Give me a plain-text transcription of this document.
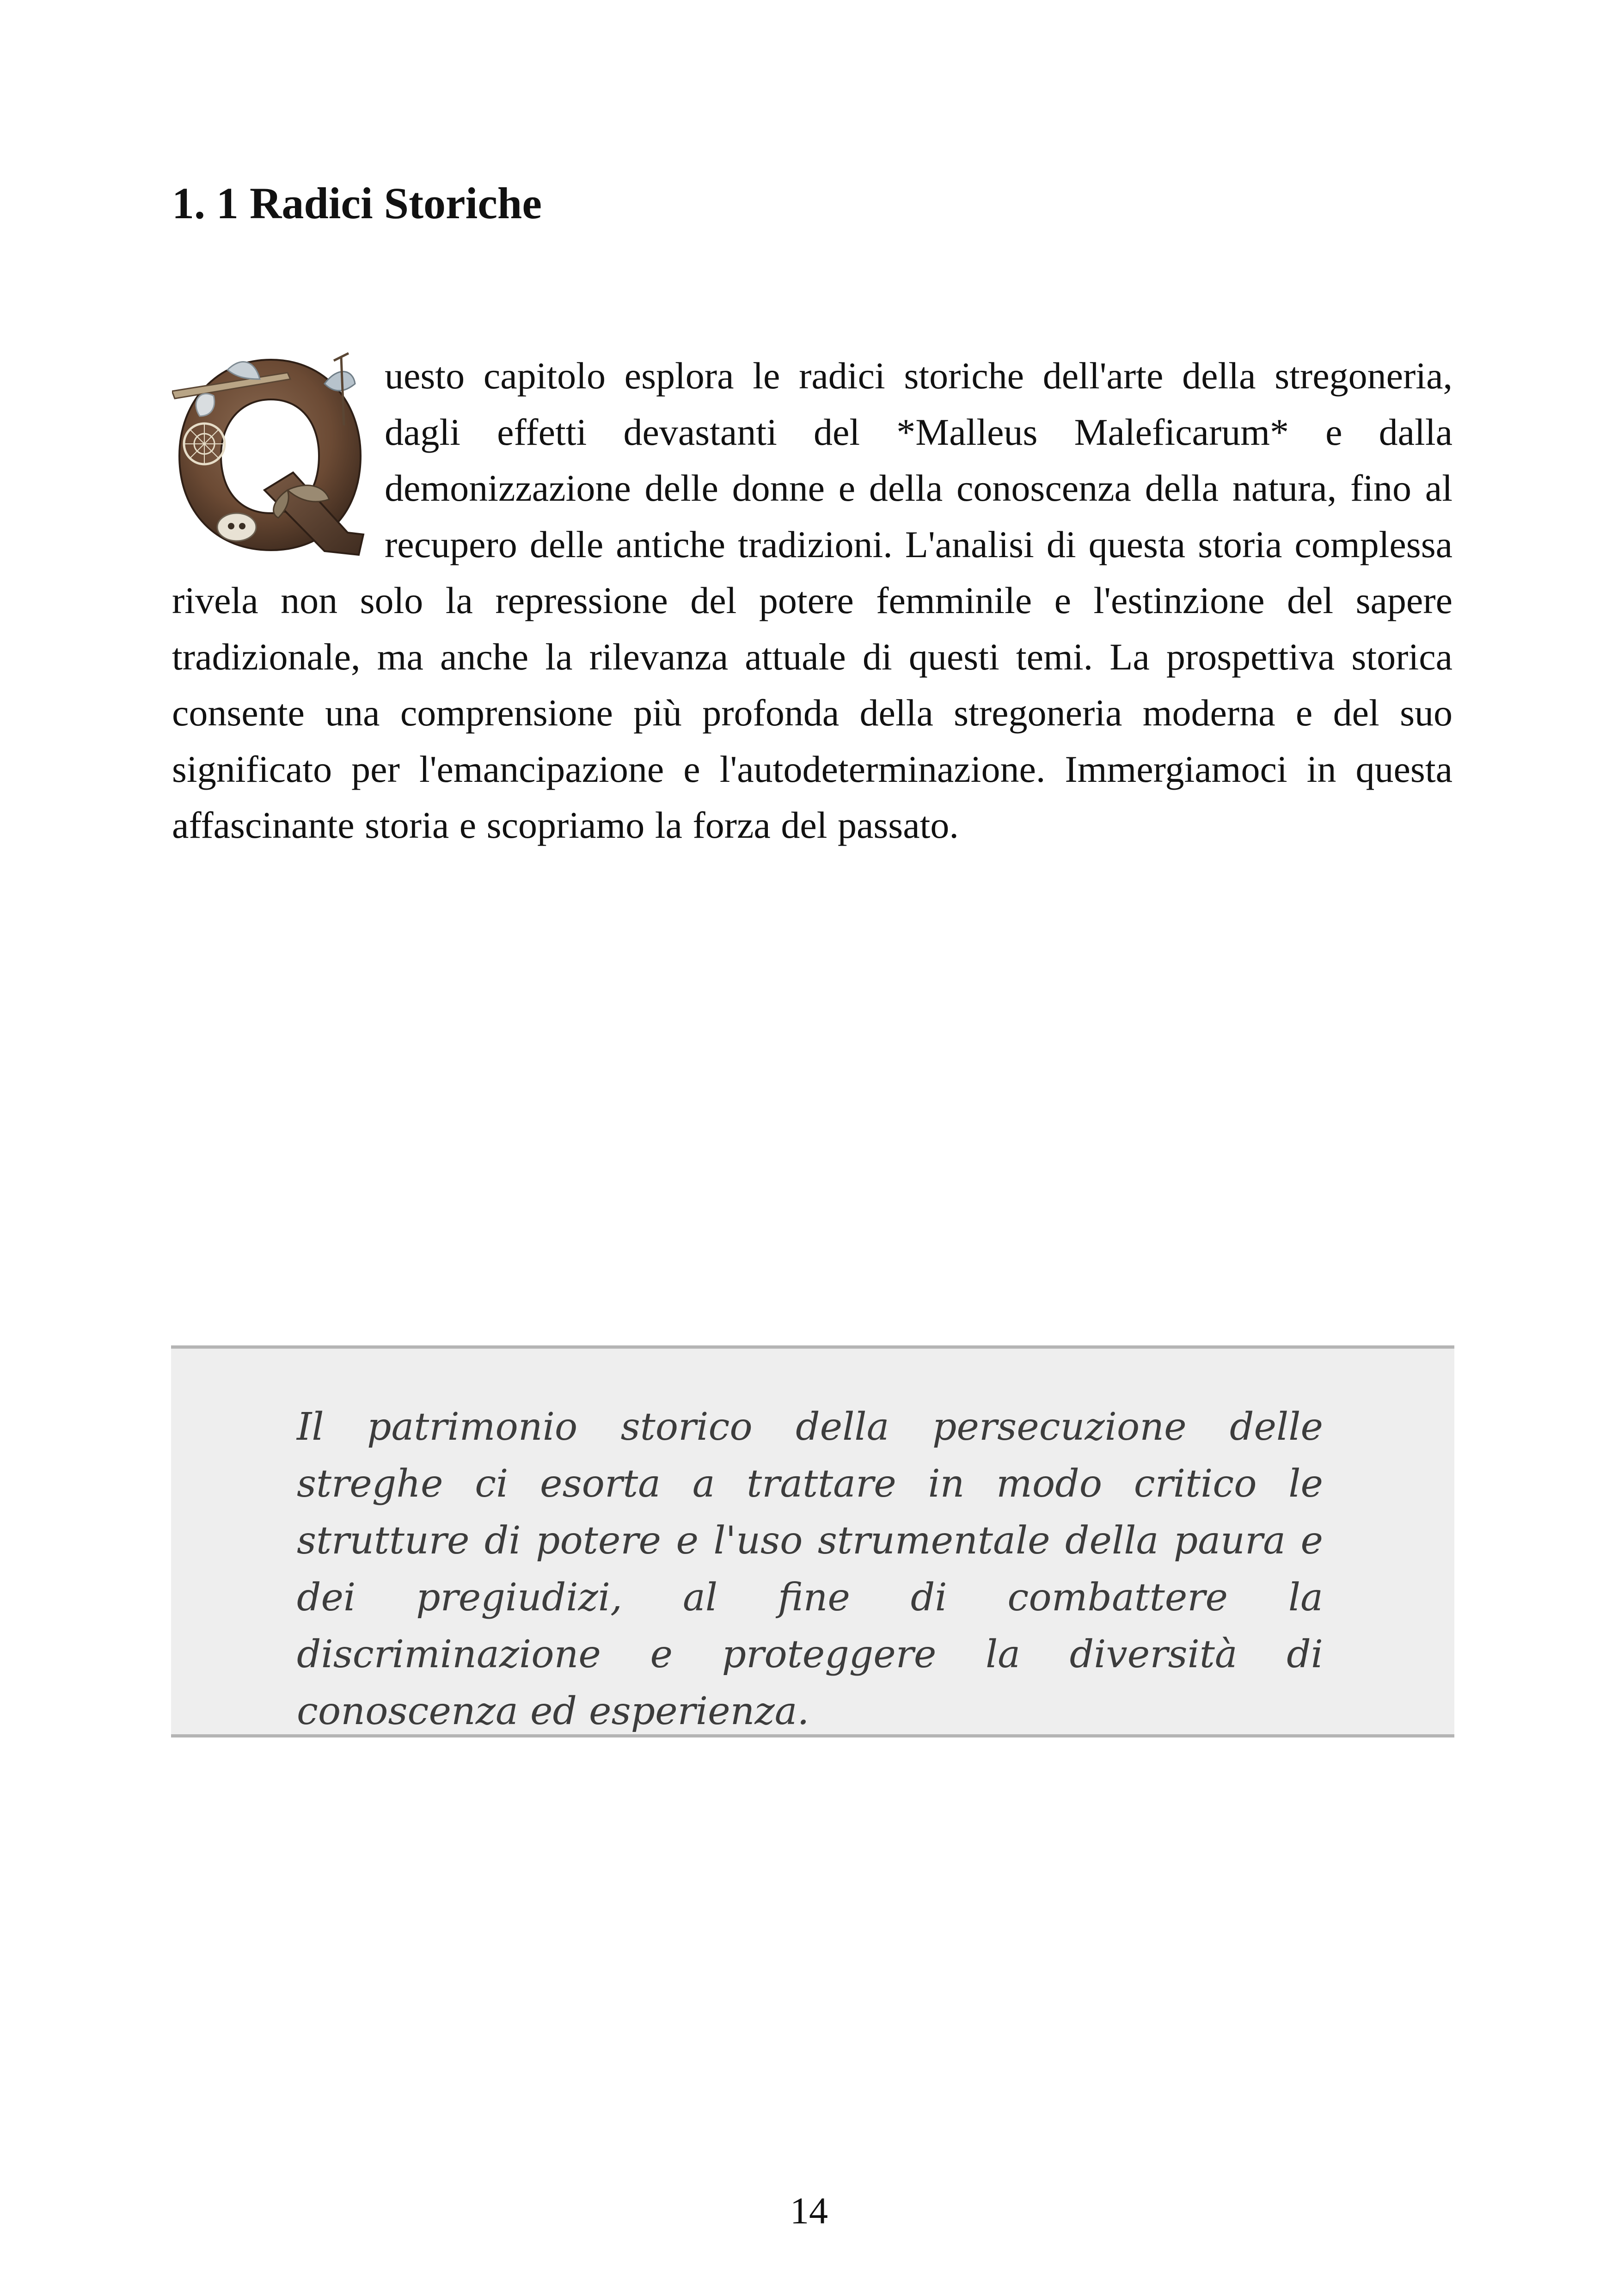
1. 1 Radici Storiche
uesto capitolo esplora le radici storiche dell'arte della stregoneria, dagli effetti devastanti del *Malleus Maleficarum* e dalla demonizzazione delle donne e della conoscenza della natura, fino al recupero delle antiche tradizioni. L'analisi di questa storia complessa rivela non solo la repressione del potere femminile e l'estinzione del sapere tradizionale, ma anche la rilevanza attuale di questi temi. La prospettiva storica consente una comprensione più profonda della stregoneria moderna e del suo significato per l'emancipazione e l'autodeterminazione. Immergiamoci in questa affascinante storia e scopriamo la forza del passato.

Il patrimonio storico della persecuzione delle streghe ci esorta a trattare in modo critico le strutture di potere e l'uso strumentale della paura e dei pregiudizi, al fine di combattere la discriminazione e proteggere la diversità di conoscenza ed esperienza.

14
